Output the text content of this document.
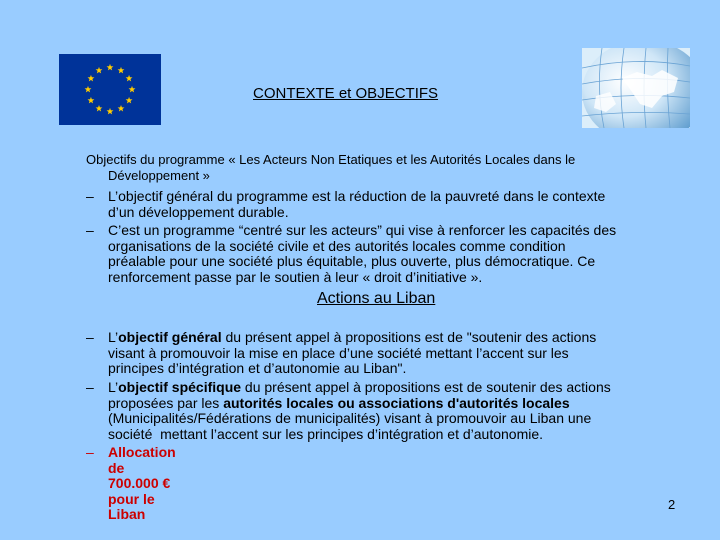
CONTEXTE et OBJECTIFS
Objectifs du programme « Les Acteurs Non Etatiques et les Autorités Locales dans le
Développement »
– L’objectif général du programme est la réduction de la pauvreté dans le contexte
d’un développement durable.
– C’est un programme “centré sur les acteurs” qui vise à renforcer les capacités des
organisations de la société civile et des autorités locales comme condition
préalable pour une société plus équitable, plus ouverte, plus démocratique. Ce
renforcement passe par le soutien à leur « droit d’initiative ».
Actions au Liban
– L’objectif général du présent appel à propositions est de "soutenir des actions
visant à promouvoir la mise en place d’une société mettant l’accent sur les
principes d’intégration et d’autonomie au Liban".
– L’objectif spécifique du présent appel à propositions est de soutenir des actions
proposées par les autorités locales ou associations d'autorités locales
(Municipalités/Fédérations de municipalités) visant à promouvoir au Liban une
société  mettant l’accent sur les principes d’intégration et d’autonomie.
– Allocation de 700.000 € pour le Liban
2
